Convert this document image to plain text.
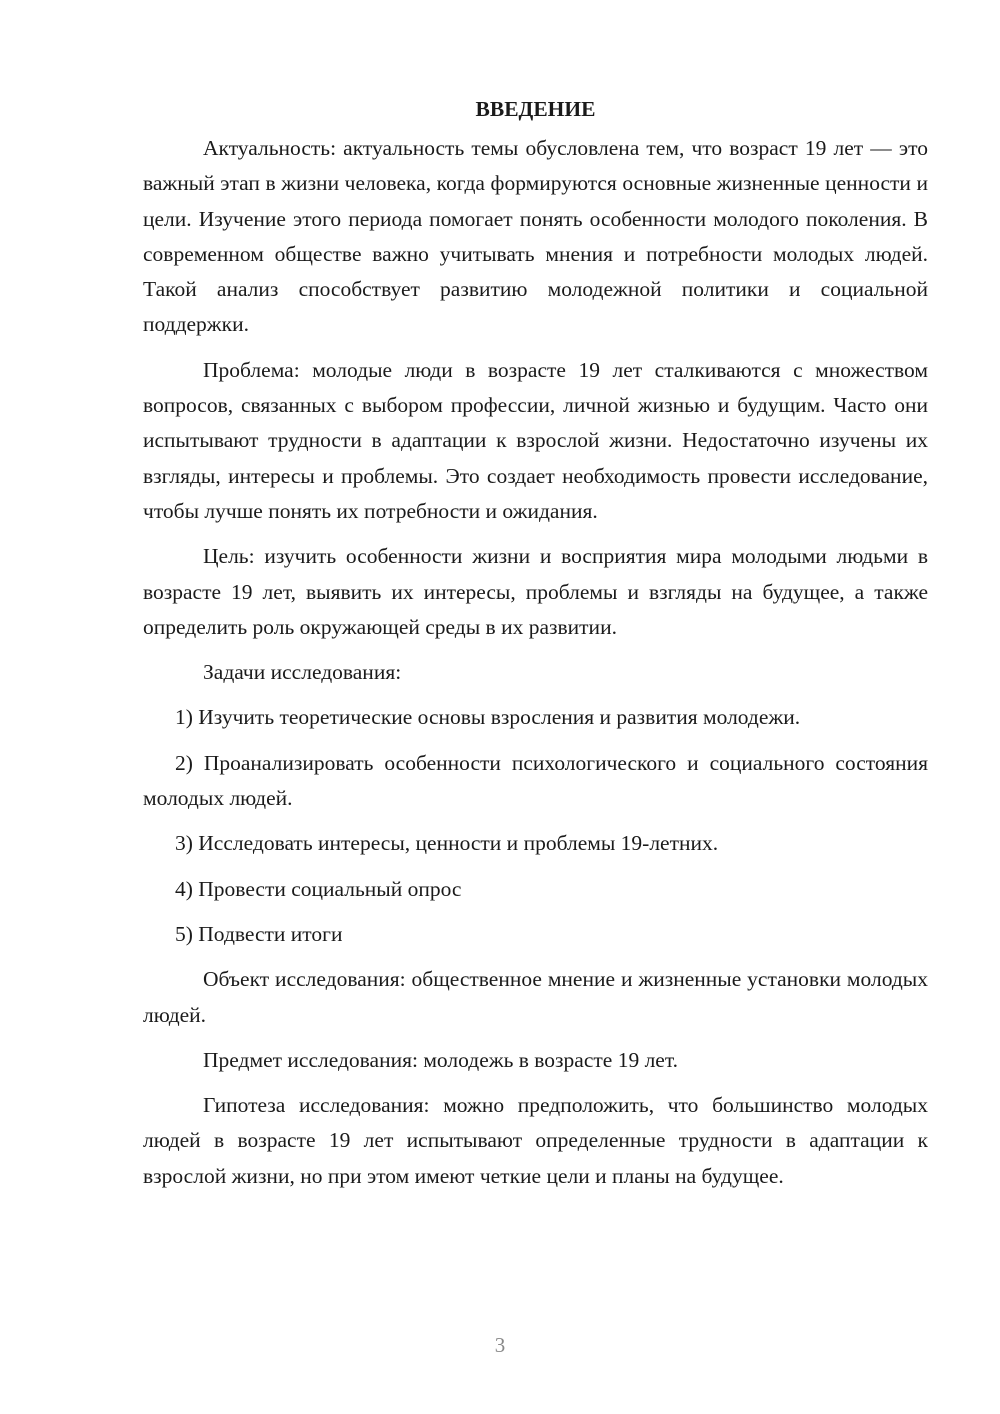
ВВЕДЕНИЕ

Актуальность: актуальность темы обусловлена тем, что возраст 19 лет — это важный этап в жизни человека, когда формируются основные жизненные ценности и цели. Изучение этого периода помогает понять особенности молодого поколения. В современном обществе важно учитывать мнения и потребности молодых людей. Такой анализ способствует развитию молодежной политики и социальной поддержки.

Проблема: молодые люди в возрасте 19 лет сталкиваются с множеством вопросов, связанных с выбором профессии, личной жизнью и будущим. Часто они испытывают трудности в адаптации к взрослой жизни. Недостаточно изучены их взгляды, интересы и проблемы. Это создает необходимость провести исследование, чтобы лучше понять их потребности и ожидания.

Цель: изучить особенности жизни и восприятия мира молодыми людьми в возрасте 19 лет, выявить их интересы, проблемы и взгляды на будущее, а также определить роль окружающей среды в их развитии.

Задачи исследования:

1) Изучить теоретические основы взросления и развития молодежи.

2) Проанализировать особенности психологического и социального состояния молодых людей.

3) Исследовать интересы, ценности и проблемы 19-летних.

4) Провести социальный опрос

5) Подвести итоги

Объект исследования: общественное мнение и жизненные установки молодых людей.

Предмет исследования: молодежь в возрасте 19 лет.

Гипотеза исследования: можно предположить, что большинство молодых людей в возрасте 19 лет испытывают определенные трудности в адаптации к взрослой жизни, но при этом имеют четкие цели и планы на будущее.

3
